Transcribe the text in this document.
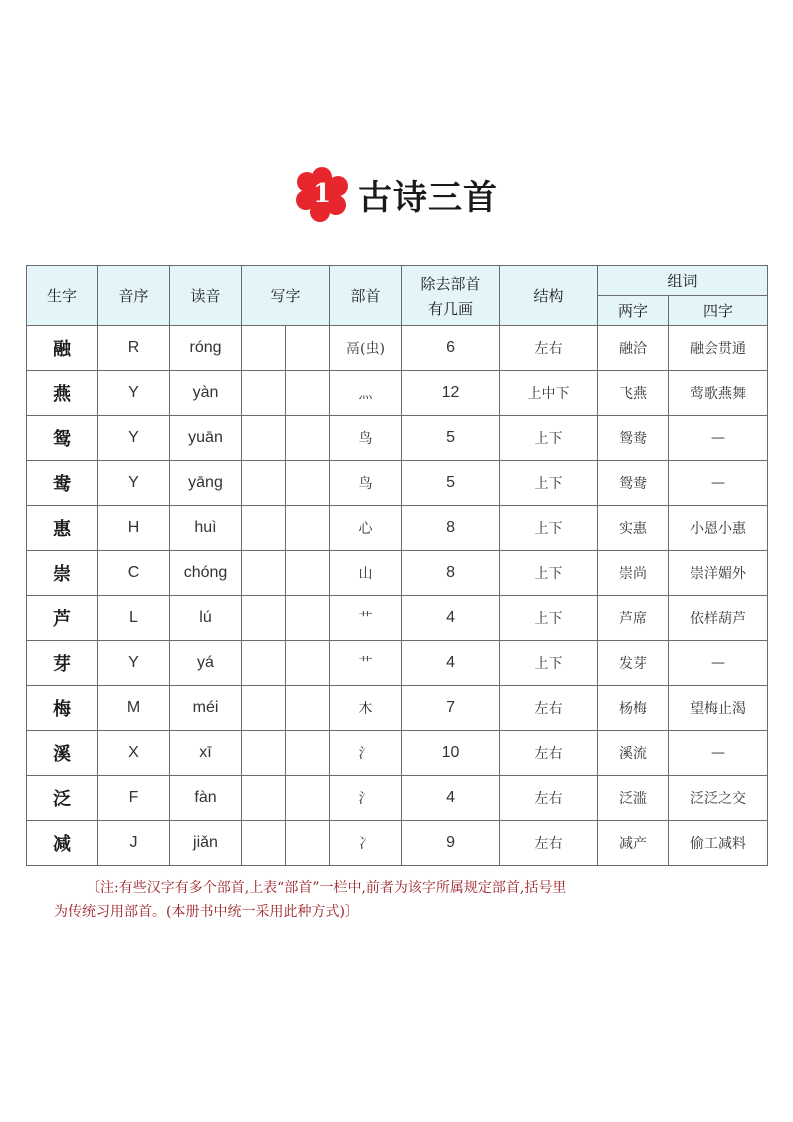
1 古诗三首
生字	音序	读音	写字		部首	除去部首
有几画	结构	组词	
								两字	四字
融	R	róng			鬲(虫)	6	左右	融洽	融会贯通
燕	Y	yàn			灬	12	上中下	飞燕	莺歌燕舞
鸳	Y	yuān			鸟	5	上下	鸳鸯	—
鸯	Y	yāng			鸟	5	上下	鸳鸯	—
惠	H	huì			心	8	上下	实惠	小恩小惠
崇	C	chóng			山	8	上下	崇尚	崇洋媚外
芦	L	lú			艹	4	上下	芦席	依样葫芦
芽	Y	yá			艹	4	上下	发芽	—
梅	M	méi			木	7	左右	杨梅	望梅止渴
溪	X	xī			氵	10	左右	溪流	—
泛	F	fàn			氵	4	左右	泛滥	泛泛之交
减	J	jiǎn			冫	9	左右	减产	偷工减料
〔注:有些汉字有多个部首,上表“部首”一栏中,前者为该字所属规定部首,括号里
为传统习用部首。(本册书中统一采用此种方式)〕
